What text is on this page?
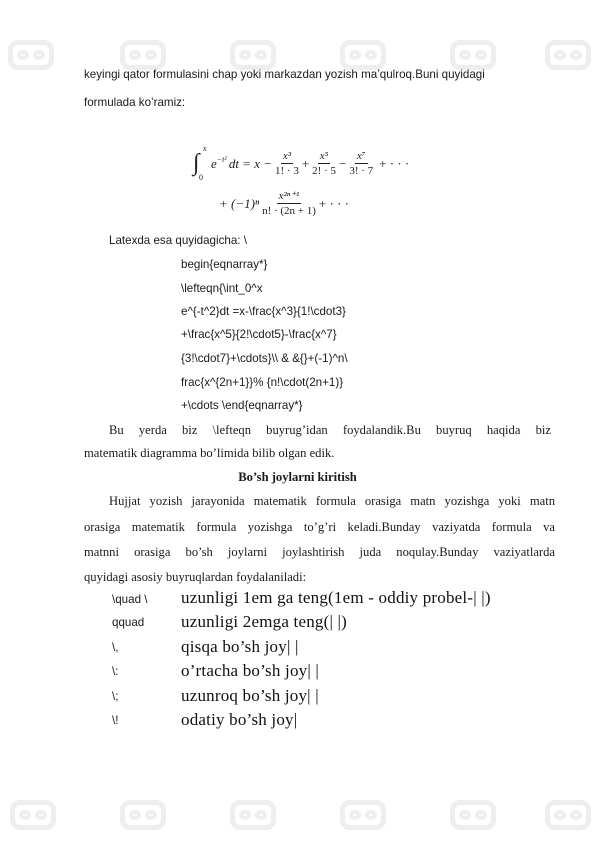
keyingi qator formulasini chap yoki markazdan yozish ma’qulroq.Buni quyidagi
formulada ko’ramiz:
∫
x
0
$e^{-t^2}$ dt = $x - \frac{\text{x³}}{1! \cdot 3} + \frac{\text{x⁵}}{2! \cdot 5} - \frac{\text{x⁷}}{3! \cdot 7}$ + · · ·
+ $(-1)^n \frac{\text{x²ⁿ⁺¹}}{n! \cdot (2n + 1)}$ + · · ·
Latexda esa quyidagicha: \
begin{eqnarray*}
\lefteqn{\int_0^x
e^{-t^2}dt =x-\frac{x^3}{1!\cdot3}
+\frac{x^5}{2!\cdot5}-\frac{x^7}
{3!\cdot7}+\cdots}\\ & &{}+(-1)^n\
frac{x^{2n+1}}% {n!\cdot(2n+1)}
+\cdots \end{eqnarray*}
Bu yerda biz \lefteqn buyrug’idan foydalandik.Bu buyruq haqida biz
matematik diagramma bo’limida bilib olgan edik.
Bo’sh joylarni kiritish
Hujjat yozish jarayonida matematik formula orasiga matn yozishga yoki matn
orasiga matematik formula yozishga to’g’ri keladi.Bunday vaziyatda formula va
matnni orasiga bo’sh joylarni joylashtirish juda noqulay.Bunday vaziyatlarda
quyidagi asosiy buyruqlardan foydalaniladi:
\quad \ uzunligi 1em ga teng(1em - oddiy probel-| |)
qquad uzunligi 2emga teng(| |)
\,	qisqa bo’sh joy| |
\:	o’rtacha bo’sh joy| |
\;	uzunroq bo’sh joy| |
\!	odatiy bo’sh joy|
